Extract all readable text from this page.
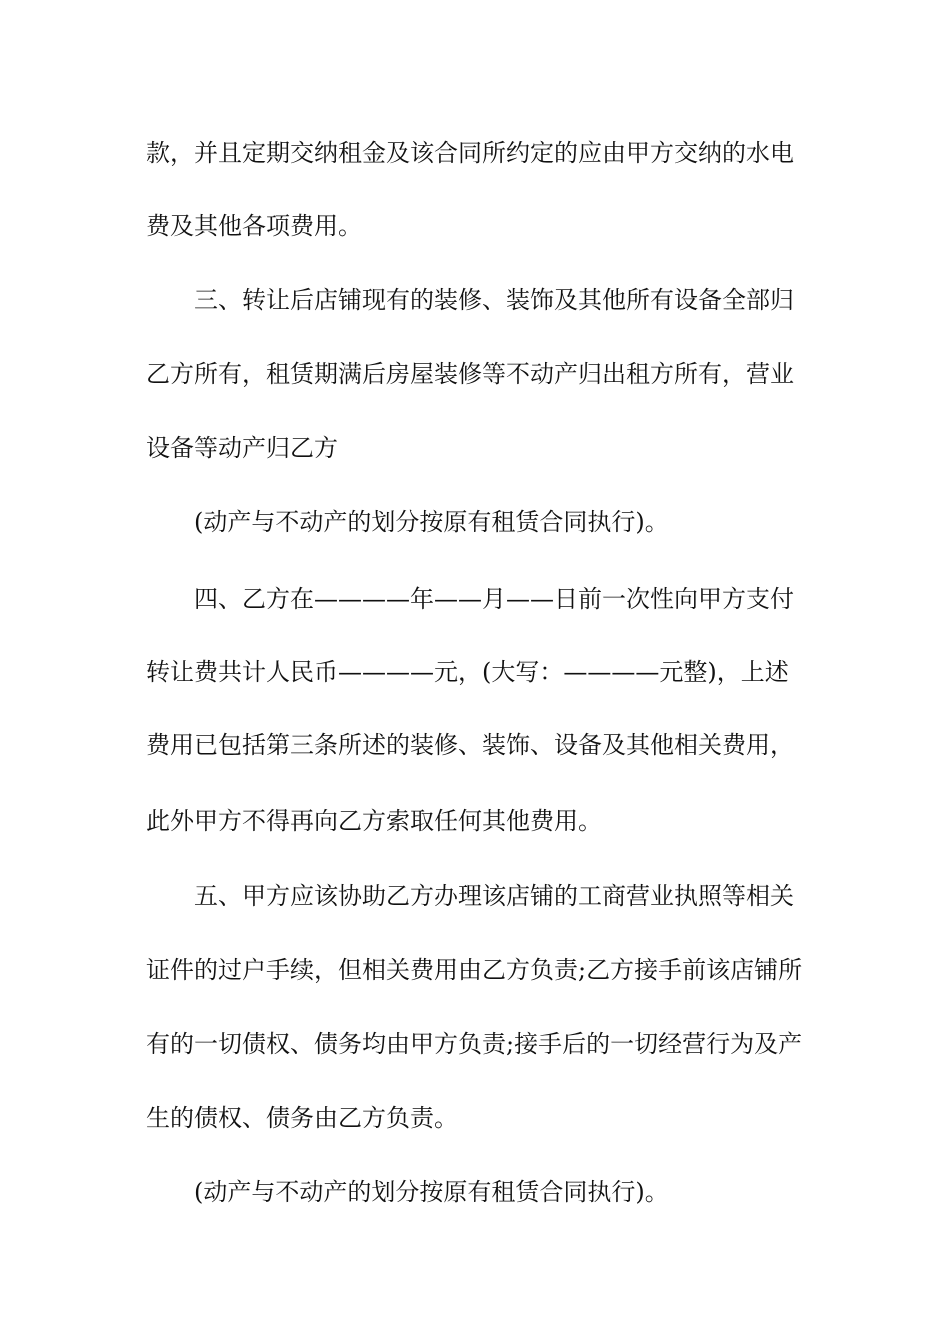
款，并且定期交纳租金及该合同所约定的应由甲方交纳的水电
费及其他各项费用。
三、转让后店铺现有的装修、装饰及其他所有设备全部归
乙方所有，租赁期满后房屋装修等不动产归出租方所有，营业
设备等动产归乙方
(动产与不动产的划分按原有租赁合同执行)。
四、乙方在————年——月——日前一次性向甲方支付
转让费共计人民币————元，(大写：————元整)，上述
费用已包括第三条所述的装修、装饰、设备及其他相关费用，
此外甲方不得再向乙方索取任何其他费用。
五、甲方应该协助乙方办理该店铺的工商营业执照等相关
证件的过户手续，但相关费用由乙方负责;乙方接手前该店铺所
有的一切债权、债务均由甲方负责;接手后的一切经营行为及产
生的债权、债务由乙方负责。
(动产与不动产的划分按原有租赁合同执行)。
